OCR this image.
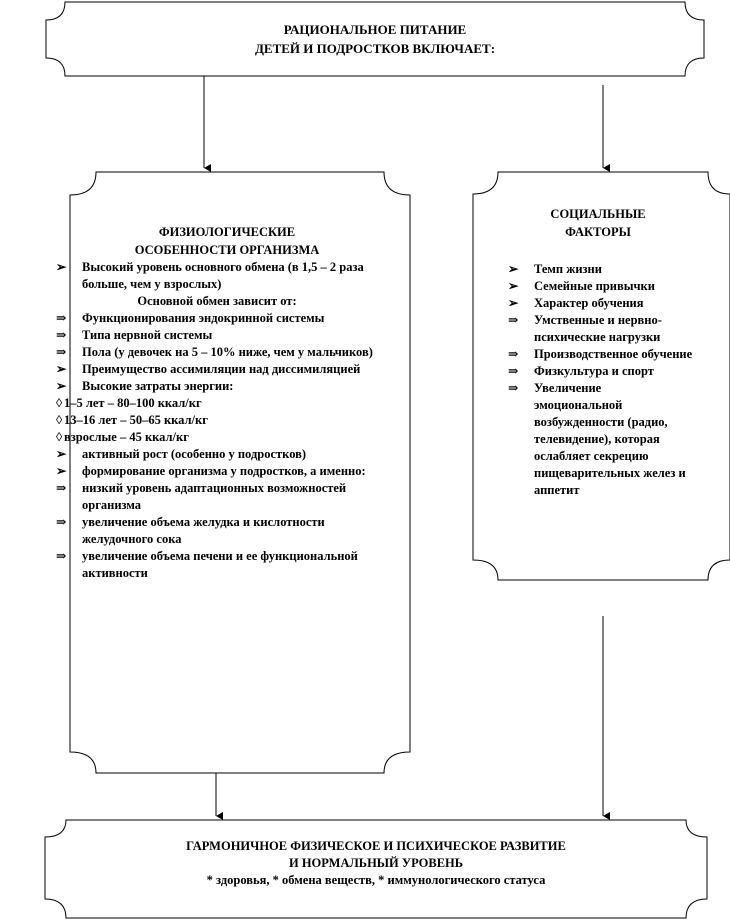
РАЦИОНАЛЬНОЕ ПИТАНИЕ
ДЕТЕЙ И ПОДРОСТКОВ ВКЛЮЧАЕТ:
ФИЗИОЛОГИЧЕСКИЕ
ОСОБЕННОСТИ ОРГАНИЗМА
➢	Высокий уровень основного обмена (в 1,5 – 2 раза больше, чем у взрослых)
Основной обмен зависит от:
⇒	Функционирования эндокринной системы
⇒	Типа нервной системы
⇒	Пола (у девочек на 5 – 10% ниже, чем у мальчиков)
➢	Преимущество ассимиляции над диссимиляцией
➢	Высокие затраты энергии:
◊ 1–5 лет – 80–100 ккал/кг
◊ 13–16 лет – 50–65 ккал/кг
◊ взрослые – 45 ккал/кг
➢	активный рост (особенно у подростков)
➢	формирование организма у подростков, а именно:
⇒	низкий уровень адаптационных возможностей организма
⇒	увеличение объема желудка и кислотности желудочного сока
⇒	увеличение объема печени и ее функциональной активности
СОЦИАЛЬНЫЕ
ФАКТОРЫ
➢	Темп жизни
➢	Семейные привычки
➢	Характер обучения
⇒	Умственные и нервно-психические нагрузки
⇒	Производственное обучение
⇒	Физкультура и спорт
⇒	Увеличение эмоциональной возбужденности (радио, телевидение), которая ослабляет секрецию пищеварительных желез и аппетит
ГАРМОНИЧНОЕ ФИЗИЧЕСКОЕ И ПСИХИЧЕСКОЕ РАЗВИТИЕ
И НОРМАЛЬНЫЙ УРОВЕНЬ
* здоровья, * обмена веществ, * иммунологического статуса
